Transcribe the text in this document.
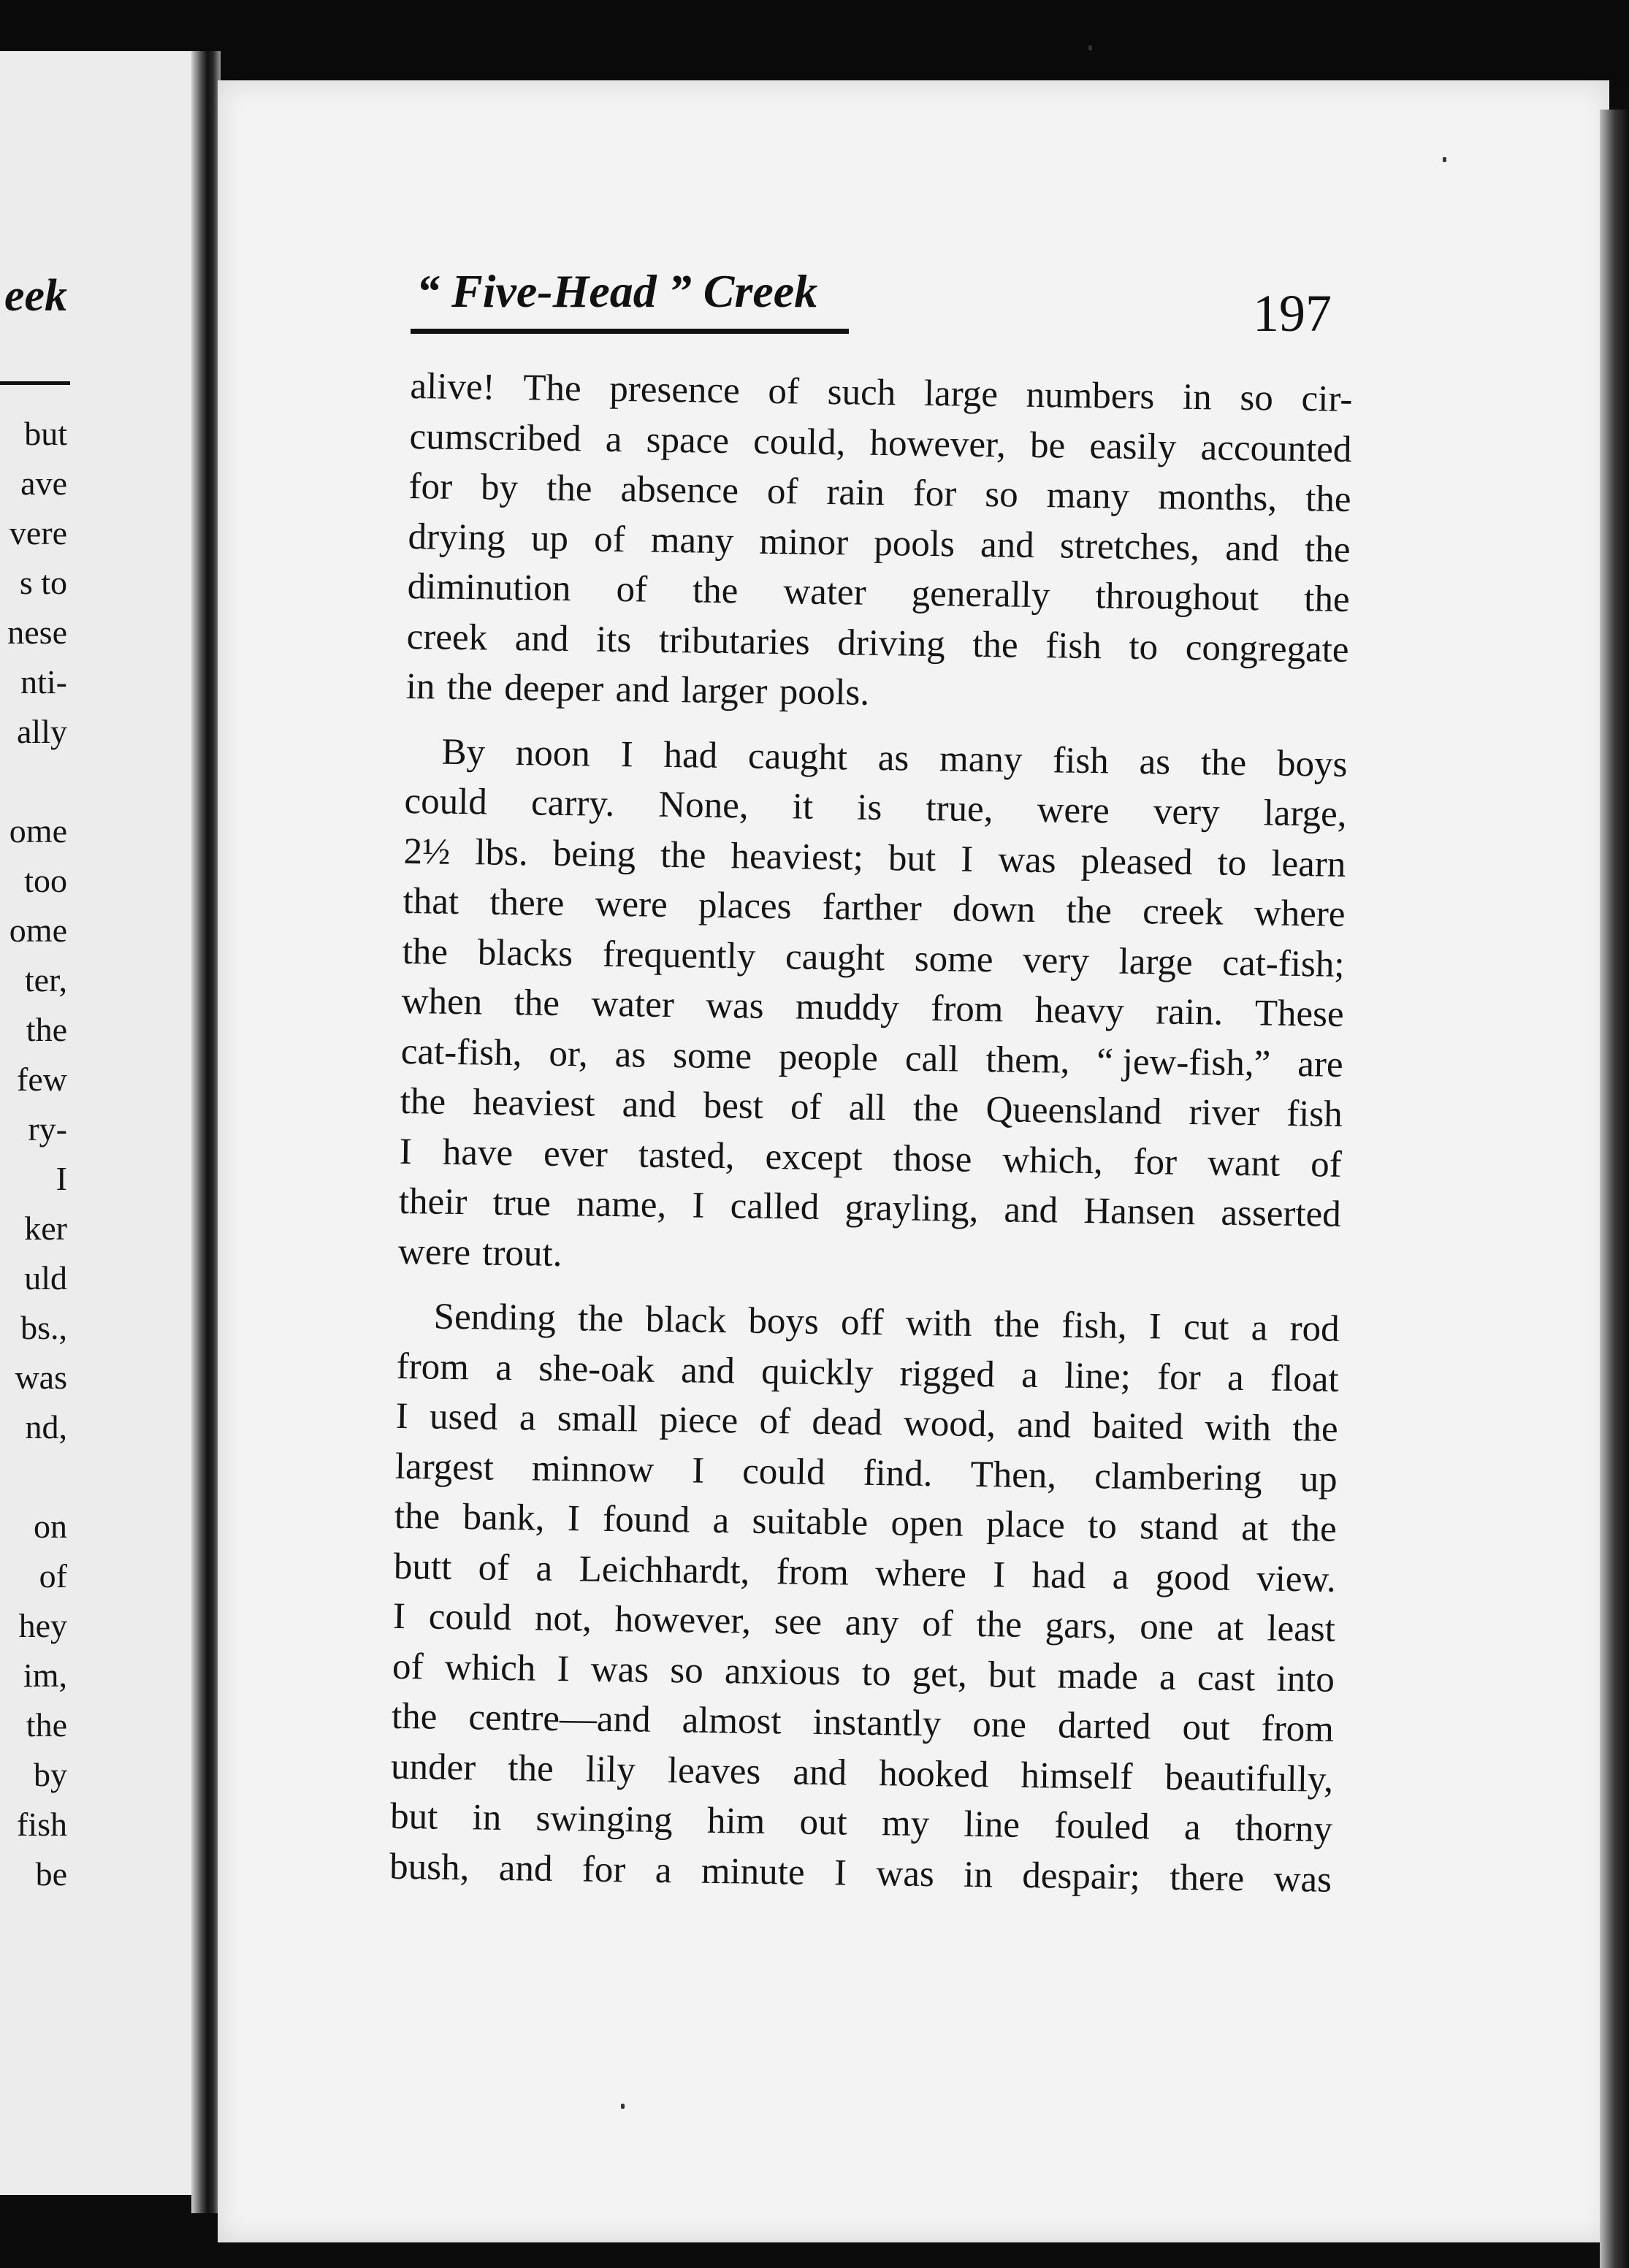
eek
but
ave
vere
s to
nese
nti-
ally
ome
too
ome
ter,
the
few
ry-
I
ker
uld
bs.,
was
nd,
on
of
hey
im,
the
by
fish
be
“ Five-Head ” Creek	197
alive! The presence of such large numbers in so cir-
cumscribed a space could, however, be easily accounted
for by the absence of rain for so many months, the
drying up of many minor pools and stretches, and the
diminution of the water generally throughout the
creek and its tributaries driving the fish to congregate
in the deeper and larger pools.
By noon I had caught as many fish as the boys
could carry. None, it is true, were very large,
2½ lbs. being the heaviest; but I was pleased to learn
that there were places farther down the creek where
the blacks frequently caught some very large cat-fish;
when the water was muddy from heavy rain. These
cat-fish, or, as some people call them, “ jew-fish,” are
the heaviest and best of all the Queensland river fish
I have ever tasted, except those which, for want of
their true name, I called grayling, and Hansen asserted
were trout.
Sending the black boys off with the fish, I cut a rod
from a she-oak and quickly rigged a line; for a float
I used a small piece of dead wood, and baited with the
largest minnow I could find. Then, clambering up
the bank, I found a suitable open place to stand at the
butt of a Leichhardt, from where I had a good view.
I could not, however, see any of the gars, one at least
of which I was so anxious to get, but made a cast into
the centre—and almost instantly one darted out from
under the lily leaves and hooked himself beautifully,
but in swinging him out my line fouled a thorny
bush, and for a minute I was in despair; there was
